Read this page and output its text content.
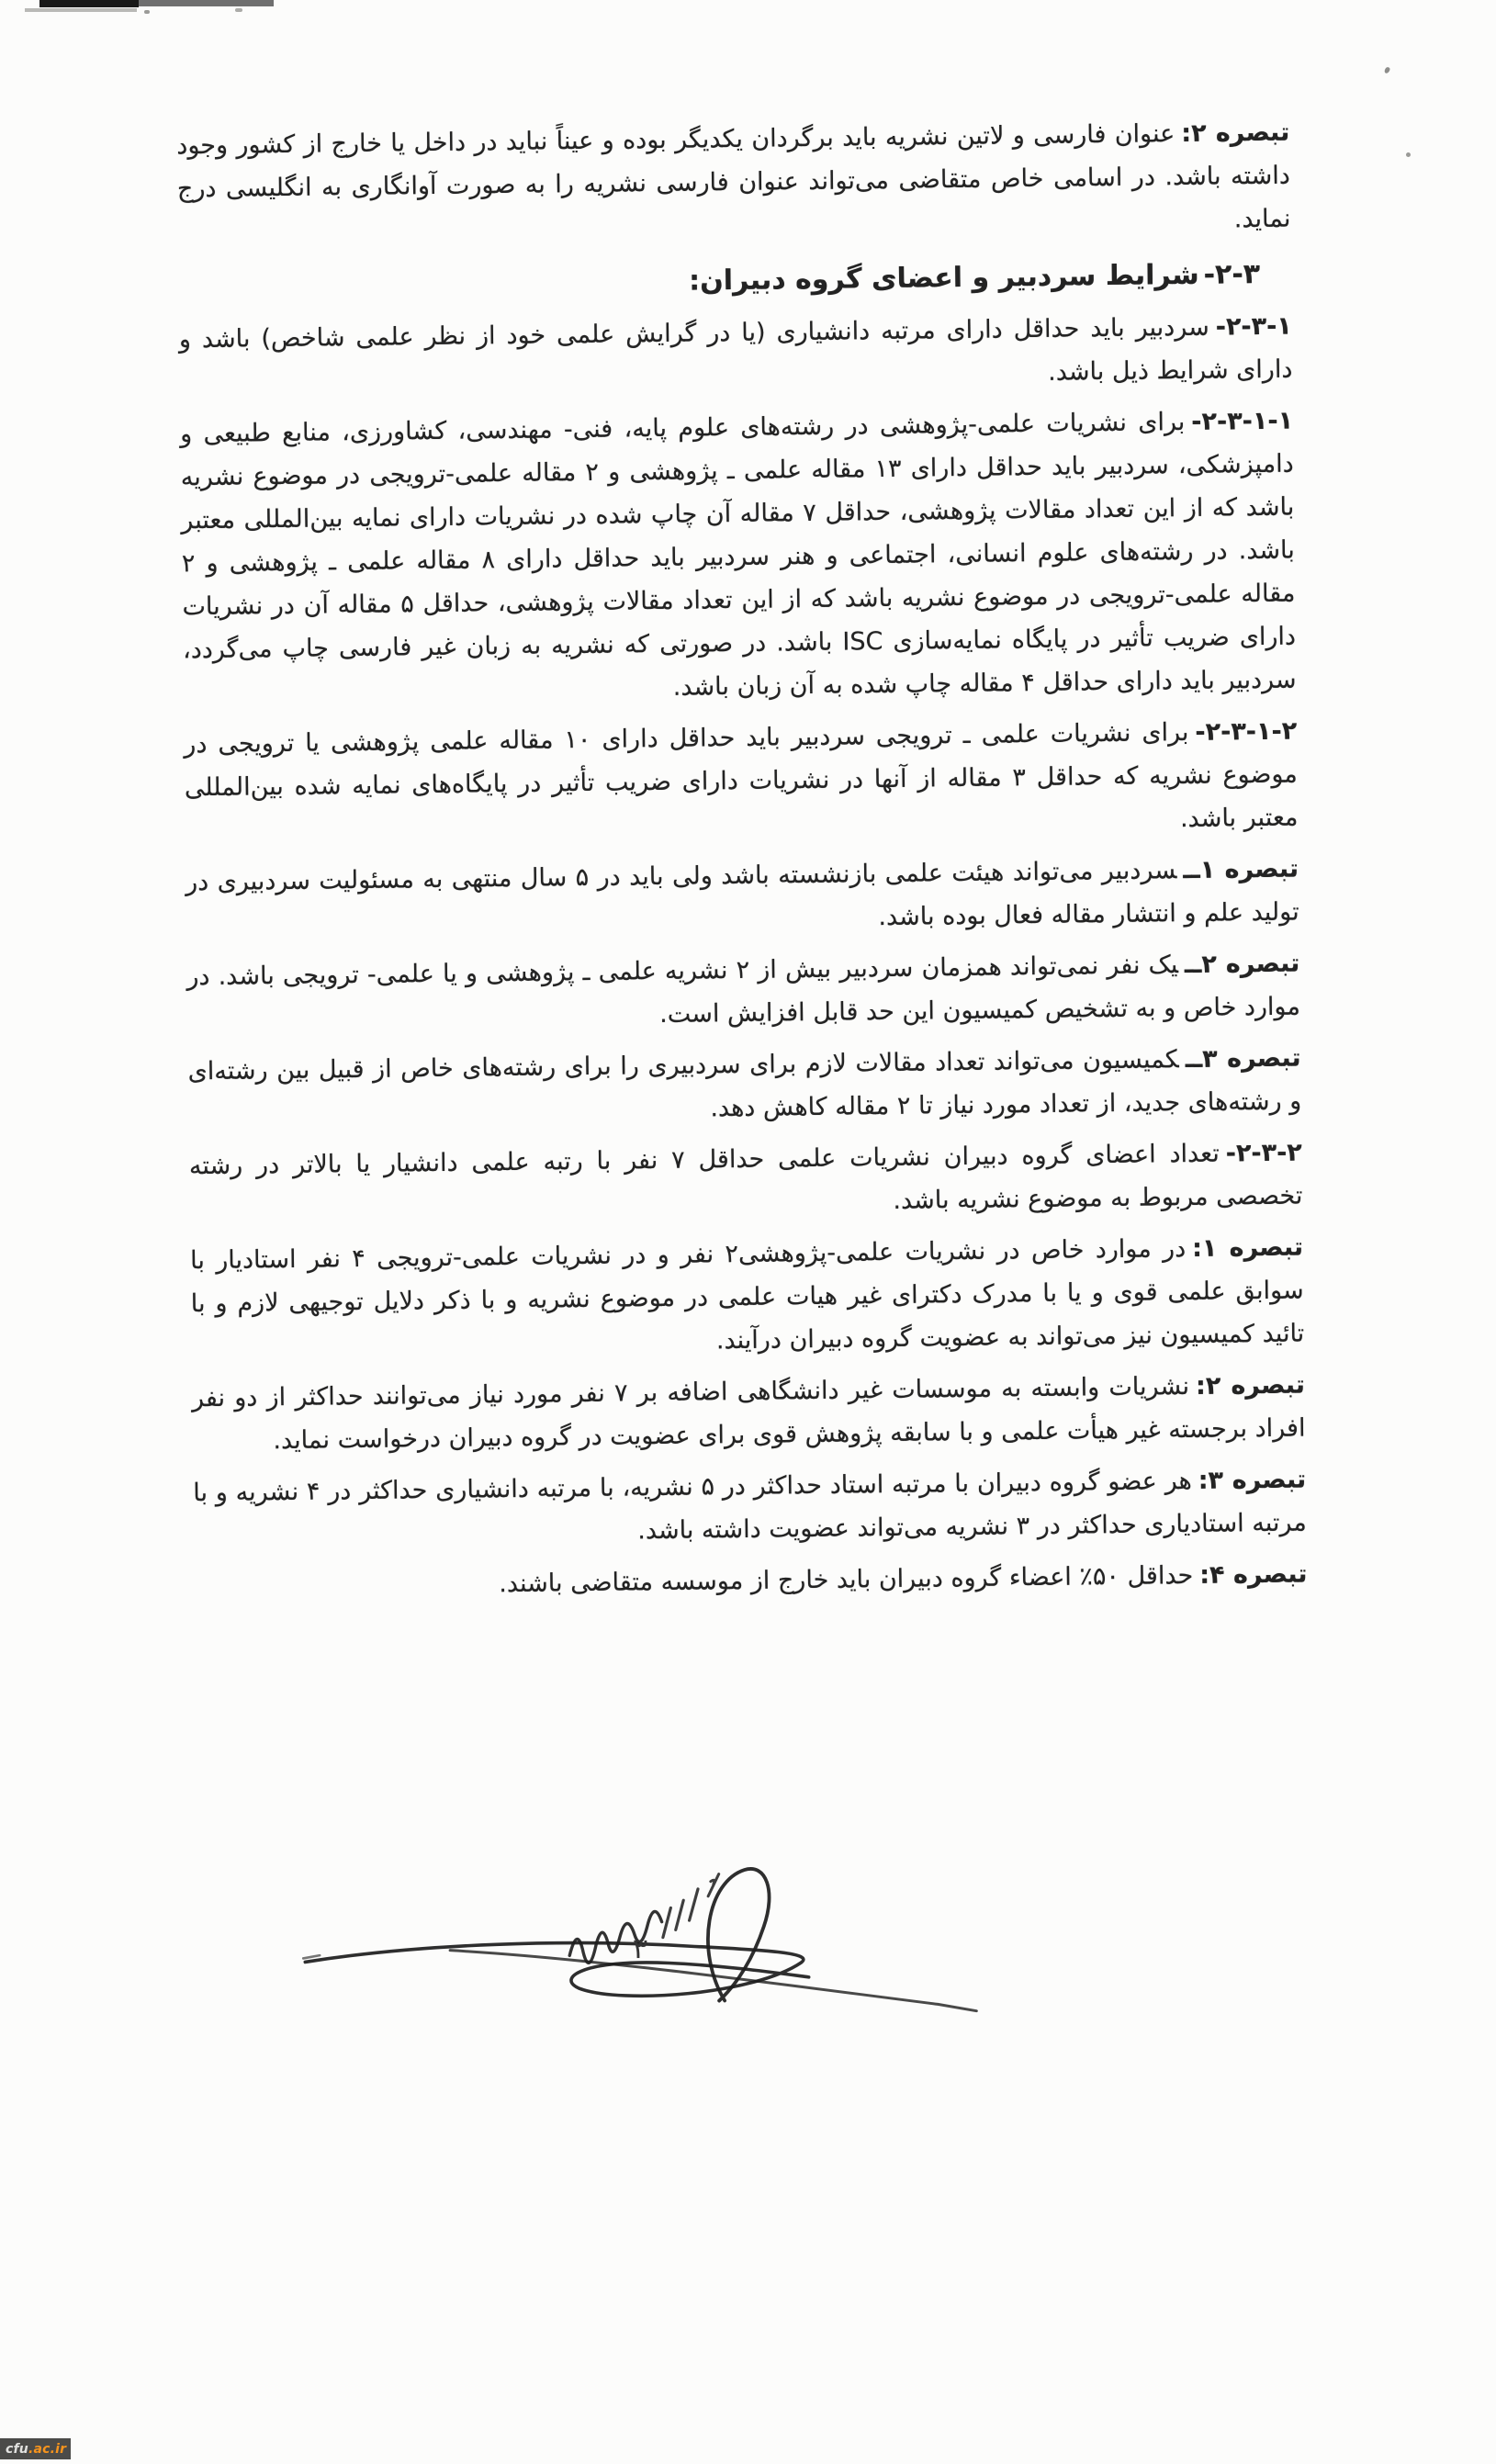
تبصره ۲:عنوان فارسی و لاتین نشریه باید برگردان یکدیگر بوده و عیناً نباید در داخل یا خارج از کشور وجود داشته باشد. در اسامی خاص متقاضی می‌تواند عنوان فارسی نشریه را به صورت آوانگاری به انگلیسی درج نماید.

۲-۳-شرایط سردبیر و اعضای گروه دبیران:

۲-۳-۱-سردبیر باید حداقل دارای مرتبه دانشیاری (یا در گرایش علمی خود از نظر علمی شاخص) باشد و دارای شرایط ذیل باشد.

۲-۳-۱-۱-برای نشریات علمی-پژوهشی در رشته‌های علوم پایه، فنی- مهندسی، کشاورزی، منابع طبیعی و دامپزشکی، سردبیر باید حداقل دارای ۱۳ مقاله علمی ـ پژوهشی و ۲ مقاله علمی-ترویجی در موضوع نشریه باشد که از این تعداد مقالات پژوهشی، حداقل ۷ مقاله آن چاپ شده در نشریات دارای نمایه بین‌المللی معتبر باشد. در رشته‌های علوم انسانی، اجتماعی و هنر سردبیر باید حداقل دارای ۸ مقاله علمی ـ پژوهشی و ۲ مقاله علمی-ترویجی در موضوع نشریه باشد که از این تعداد مقالات پژوهشی، حداقل ۵ مقاله آن در نشریات دارای ضریب تأثیر در پایگاه نمایه‌سازی ISC باشد. در صورتی که نشریه به زبان غیر فارسی چاپ می‌گردد، سردبیر باید دارای حداقل ۴ مقاله چاپ شده به آن زبان باشد.

۲-۳-۱-۲-برای نشریات علمی ـ ترویجی سردبیر باید حداقل دارای ۱۰ مقاله علمی پژوهشی یا ترویجی در موضوع نشریه که حداقل ۳ مقاله از آنها در نشریات دارای ضریب تأثیر در پایگاه‌های نمایه شده بین‌المللی معتبر باشد.

تبصره ۱ــسردبیر می‌تواند هیئت علمی بازنشسته باشد ولی باید در ۵ سال منتهی به مسئولیت سردبیری در تولید علم و انتشار مقاله فعال بوده باشد.

تبصره ۲ــیک نفر نمی‌تواند همزمان سردبیر بیش از ۲ نشریه علمی ـ پژوهشی و یا علمی- ترویجی باشد. در موارد خاص و به تشخیص کمیسیون این حد قابل افزایش است.

تبصره ۳ــکمیسیون می‌تواند تعداد مقالات لازم برای سردبیری را برای رشته‌های خاص از قبیل بین رشته‌ای و رشته‌های جدید، از تعداد مورد نیاز تا ۲ مقاله کاهش دهد.

۲-۳-۲-تعداد اعضای گروه دبیران نشریات علمی حداقل ۷ نفر با رتبه علمی دانشیار یا بالاتر در رشته تخصصی مربوط به موضوع نشریه باشد.

تبصره ۱:در موارد خاص در نشریات علمی-پژوهشی۲ نفر و در نشریات علمی-ترویجی ۴ نفر استادیار با سوابق علمی قوی و یا با مدرک دکترای غیر هیات علمی در موضوع نشریه و با ذکر دلایل توجیهی لازم و با تائید کمیسیون نیز می‌تواند به عضویت گروه دبیران درآیند.

تبصره ۲:نشریات وابسته به موسسات غیر دانشگاهی اضافه بر ۷ نفر مورد نیاز می‌توانند حداکثر از دو نفر افراد برجسته غیر هیأت علمی و با سابقه پژوهش قوی برای عضویت در گروه دبیران درخواست نماید.

تبصره ۳:هر عضو گروه دبیران با مرتبه استاد حداکثر در ۵ نشریه، با مرتبه دانشیاری حداکثر در ۴ نشریه و با مرتبه استادیاری حداکثر در ۳ نشریه می‌تواند عضویت داشته باشد.

تبصره ۴:حداقل ۵۰٪ اعضاء گروه دبیران باید خارج از موسسه متقاضی باشند.

۳
cfu .ac.ir
